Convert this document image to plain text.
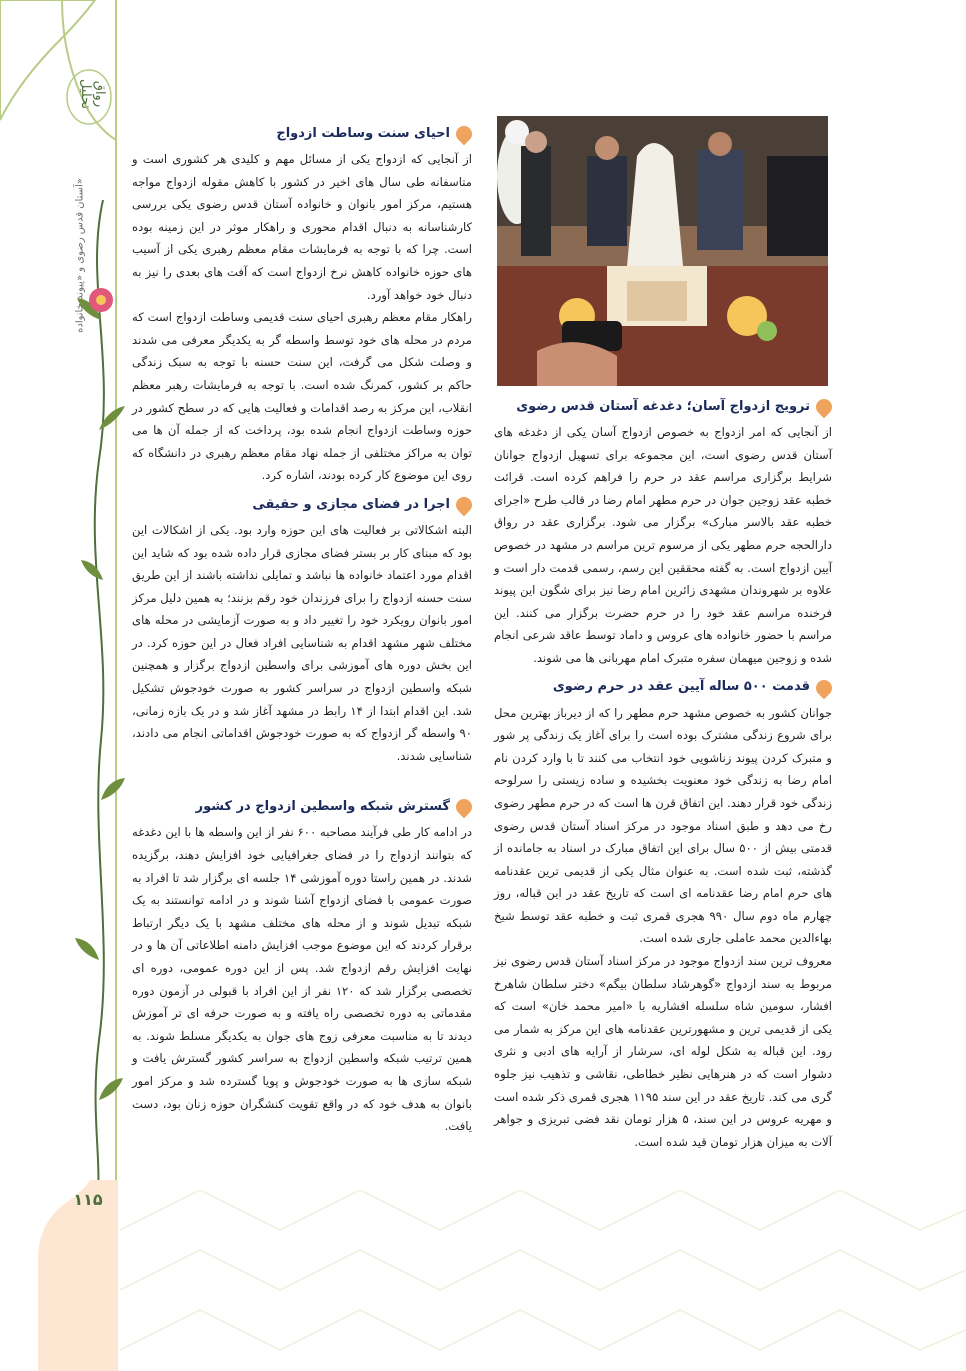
رواق تحلیل
آستان قدس رضوی و «پیوند خانواده»
۱۱۵
احیای سنت وساطت ازدواج

از آنجایی که ازدواج یکی از مسائل مهم و کلیدی هر کشوری است و متاسفانه طی سال های اخیر در کشور با کاهش مقوله ازدواج مواجه هستیم، مرکز امور بانوان و خانواده آستان قدس رضوی یکی بررسی کارشناسانه به دنبال اقدام محوری و راهکار موثر در این زمینه بوده است. چرا که با توجه به فرمایشات مقام معظم رهبری یکی از آسیب های حوزه خانواده کاهش نرخ ازدواج است که آفت های بعدی را نیز به دنبال خود خواهد آورد.

راهکار مقام معظم رهبری احیای سنت قدیمی وساطت ازدواج است که مردم در محله های خود توسط واسطه گر به یکدیگر معرفی می شدند و وصلت شکل می گرفت، این سنت حسنه با توجه به سبک زندگی حاکم بر کشور، کمرنگ شده است. با توجه به فرمایشات رهبر معظم انقلاب، این مرکز به رصد اقدامات و فعالیت هایی که در سطح کشور در حوزه وساطت ازدواج انجام شده بود، پرداخت که از جمله آن ها می توان به مراکز مختلفی از جمله نهاد مقام معظم رهبری در دانشگاه که روی این موضوع کار کرده بودند، اشاره کرد.

اجرا در فضای مجازی و حقیقی

البته اشکالاتی بر فعالیت های این حوزه وارد بود. یکی از اشکالات این بود که مبنای کار بر بستر فضای مجازی قرار داده شده بود که شاید این اقدام مورد اعتماد خانواده ها نباشد و تمایلی نداشته باشند از این طریق سنت حسنه ازدواج را برای فرزندان خود رقم بزنند؛ به همین دلیل مرکز امور بانوان رویکرد خود را تغییر داد و به صورت آزمایشی در محله های مختلف شهر مشهد اقدام به شناسایی افراد فعال در این حوزه کرد. در این بخش دوره های آموزشی برای واسطین ازدواج برگزار و همچنین شبکه واسطین ازدواج در سراسر کشور به صورت خودجوش تشکیل شد. این اقدام ابتدا از ۱۴ رابط در مشهد آغاز شد و در یک بازه زمانی، ۹۰ واسطه گر ازدواج که به صورت خودجوش اقداماتی انجام می دادند، شناسایی شدند.

گسترش شبکه واسطین ازدواج در کشور

در ادامه کار طی فرآیند مصاحبه ۶۰۰ نفر از این واسطه ها با این دغدغه که بتوانند ازدواج را در فضای جغرافیایی خود افزایش دهند، برگزیده شدند. در همین راستا دوره آموزشی ۱۴ جلسه ای برگزار شد تا افراد به صورت عمومی با فضای ازدواج آشنا شوند و در ادامه توانستند به یک شبکه تبدیل شوند و از محله های مختلف مشهد با یک دیگر ارتباط برقرار کردند که این موضوع موجب افزایش دامنه اطلاعاتی آن ها و در نهایت افزایش رقم ازدواج شد. پس از این دوره عمومی، دوره ای تخصصی برگزار شد که ۱۲۰ نفر از این افراد با قبولی در آزمون دوره مقدماتی به دوره تخصصی راه یافته و به صورت حرفه ای تر آموزش دیدند تا به مناسبت معرفی زوج های جوان به یکدیگر مسلط شوند. به همین ترتیب شبکه واسطین ازدواج به سراسر کشور گسترش یافت و شبکه سازی ها به صورت خودجوش و پویا گسترده شد و مرکز امور بانوان به هدف خود که در واقع تقویت کنشگران حوزه زنان بود، دست یافت.

ترویج ازدواج آسان؛ دغدغه آستان قدس رضوی

از آنجایی که امر ازدواج به خصوص ازدواج آسان یکی از دغدغه های آستان قدس رضوی است، این مجموعه برای تسهیل ازدواج جوانان شرایط برگزاری مراسم عقد در حرم را فراهم کرده است. قرائت خطبه عقد زوجین جوان در حرم مطهر امام رضا در قالب طرح «اجرای خطبه عقد بالاسر مبارک» برگزار می شود. برگزاری عقد در رواق دارالحجه حرم مطهر یکی از مرسوم ترین مراسم در مشهد در خصوص آیین ازدواج است. به گفته محققین این رسم، رسمی قدمت دار است و علاوه بر شهروندان مشهدی زائرین امام رضا نیز برای شگون این پیوند فرخنده مراسم عقد خود را در حرم حضرت برگزار می کنند. این مراسم با حضور خانواده های عروس و داماد توسط عاقد شرعی انجام شده و زوجین میهمان سفره متبرک امام مهربانی ها می شوند.

قدمت ۵۰۰ ساله آیین عقد در حرم رضوی

جوانان کشور به خصوص مشهد حرم مطهر را که از دیرباز بهترین محل برای شروع زندگی مشترک بوده است را برای آغاز یک زندگی پر شور و متبرک کردن پیوند زناشویی خود انتخاب می کنند تا با وارد کردن نام امام رضا به زندگی خود معنویت بخشیده و ساده زیستی را سرلوحه زندگی خود قرار دهند. این اتفاق قرن ها است که در حرم مطهر رضوی رخ می دهد و طبق اسناد موجود در مرکز اسناد آستان قدس رضوی قدمتی بیش از ۵۰۰ سال برای این اتفاق مبارک در اسناد به جامانده از گذشته، ثبت شده است. به عنوان مثال یکی از قدیمی ترین عقدنامه های حرم امام رضا عقدنامه ای است که تاریخ عقد در این قباله، روز چهارم ماه دوم سال ۹۹۰ هجری قمری ثبت و خطبه عقد توسط شیخ بهاءالدین محمد عاملی جاری شده است.

معروف ترین سند ازدواج موجود در مرکز اسناد آستان قدس رضوی نیز مربوط به سند ازدواج «گوهرشاد سلطان بیگم» دختر سلطان شاهرخ افشار، سومین شاه سلسله افشاریه با «امیر محمد خان» است که یکی از قدیمی ترین و مشهورترین عقدنامه های این مرکز به شمار می رود. این قباله به شکل لوله ای، سرشار از آرایه های ادبی و نثری دشوار است که در هنرهایی نظیر خطاطی، نقاشی و تذهیب نیز جلوه گری می کند. تاریخ عقد در این سند ۱۱۹۵ هجری قمری ذکر شده است و مهریه عروس در این سند، ۵ هزار تومان نقد فضی تبریزی و جواهر آلات به میزان هزار تومان قید شده است.
